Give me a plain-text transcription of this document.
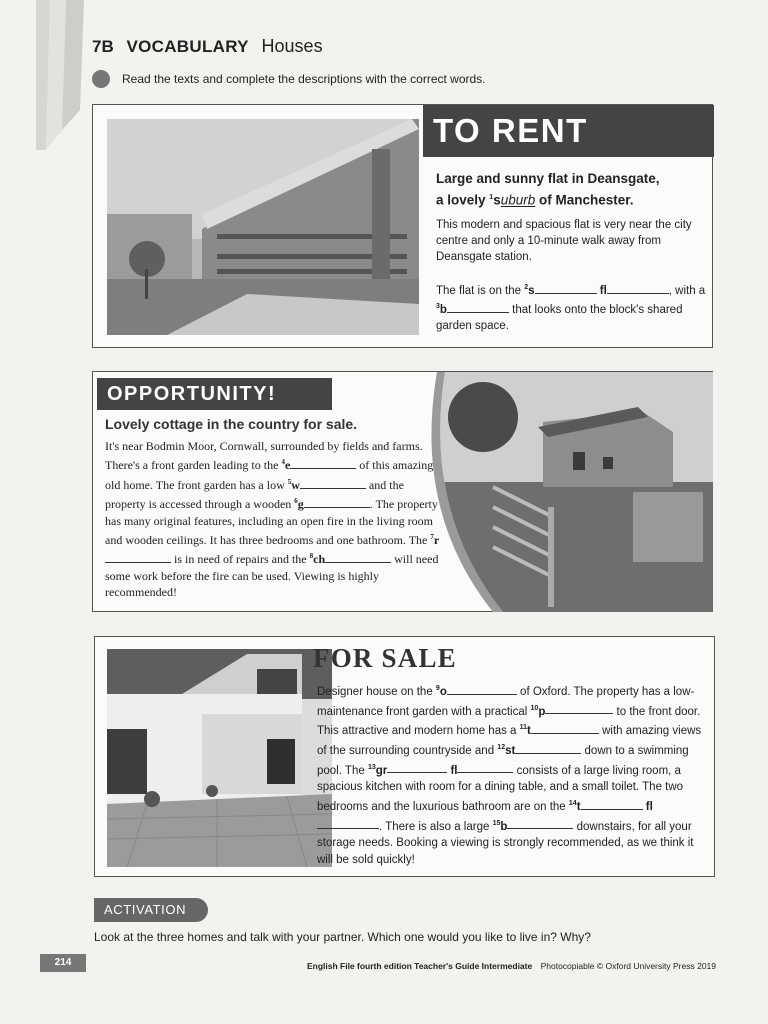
7B VOCABULARY Houses
Read the texts and complete the descriptions with the correct words.
TO RENT
Large and sunny flat in Deansgate,
a lovely $^1$suburb of Manchester.
This modern and spacious flat is very near the city centre and only a 10-minute walk away from Deansgate station.
The flat is on the $^2$s	fl	, with a $^3$b	that looks onto the block's shared garden space.
OPPORTUNITY!
Lovely cottage in the country for sale.
It's near Bodmin Moor, Cornwall, surrounded by fields and farms. There's a front garden leading to the $^4$e	of this amazing old home. The front garden has a low $^5$w	and the property is accessed through a wooden $^6$g	. The property has many original features, including an open fire in the living room and wooden ceilings. It has three bedrooms and one bathroom. The $^7$r is in need of repairs and the $^8$ch	will need some work before the fire can be used. Viewing is highly recommended!
FOR SALE
Designer house on the $^9$o	of Oxford. The property has a low-maintenance front garden with a practical $^{10}$p	to the front door. This attractive and modern home has a $^{11}$t	with amazing views of the surrounding countryside and $^{12}$st	down to a swimming pool. The $^{13}$gr	fl	consists of a large living room, a spacious kitchen with room for a dining table, and a small toilet. The two bedrooms and the luxurious bathroom are on the $^{14}$t	fl. There is also a large $^{15}$b	downstairs, for all your storage needs. Booking a viewing is strongly recommended, as we think it will be sold quickly!
ACTIVATION
Look at the three homes and talk with your partner. Which one would you like to live in? Why?
214	English File fourth edition Teacher's Guide Intermediate Photocopiable © Oxford University Press 2019
